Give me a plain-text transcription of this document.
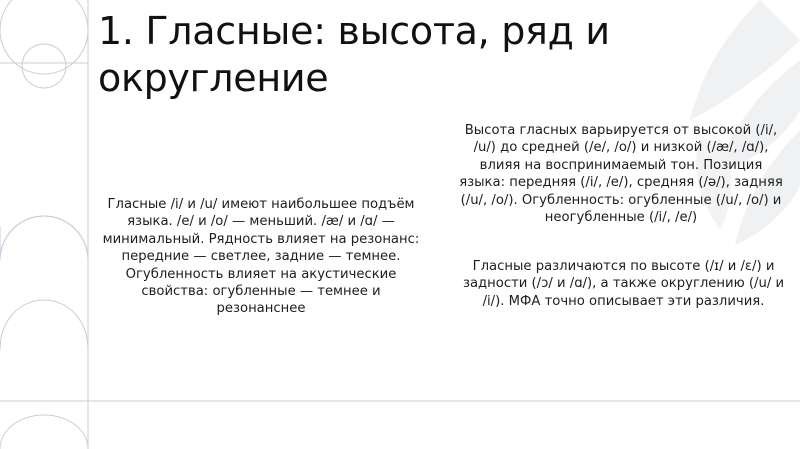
1. Гласные: высота, ряд и округление

Гласные /i/ и /u/ имеют наибольшее подъём языка. /e/ и /o/ — меньший. /æ/ и /ɑ/ — минимальный. Рядность влияет на резонанс: передние — светлее, задние — темнее. Огубленность влияет на акустические свойства: огубленные — темнее и резонанснее

Высота гласных варьируется от высокой (/i/, /u/) до средней (/e/, /o/) и низкой (/æ/, /ɑ/), влияя на воспринимаемый тон. Позиция языка: передняя (/i/, /e/), средняя (/ə/), задняя (/u/, /o/). Огубленность: огубленные (/u/, /o/) и неогубленные (/i/, /e/)

Гласные различаются по высоте (/ɪ/ и /ɛ/) и задности (/ɔ/ и /ɑ/), а также округлению (/u/ и /i/). МФА точно описывает эти различия.
